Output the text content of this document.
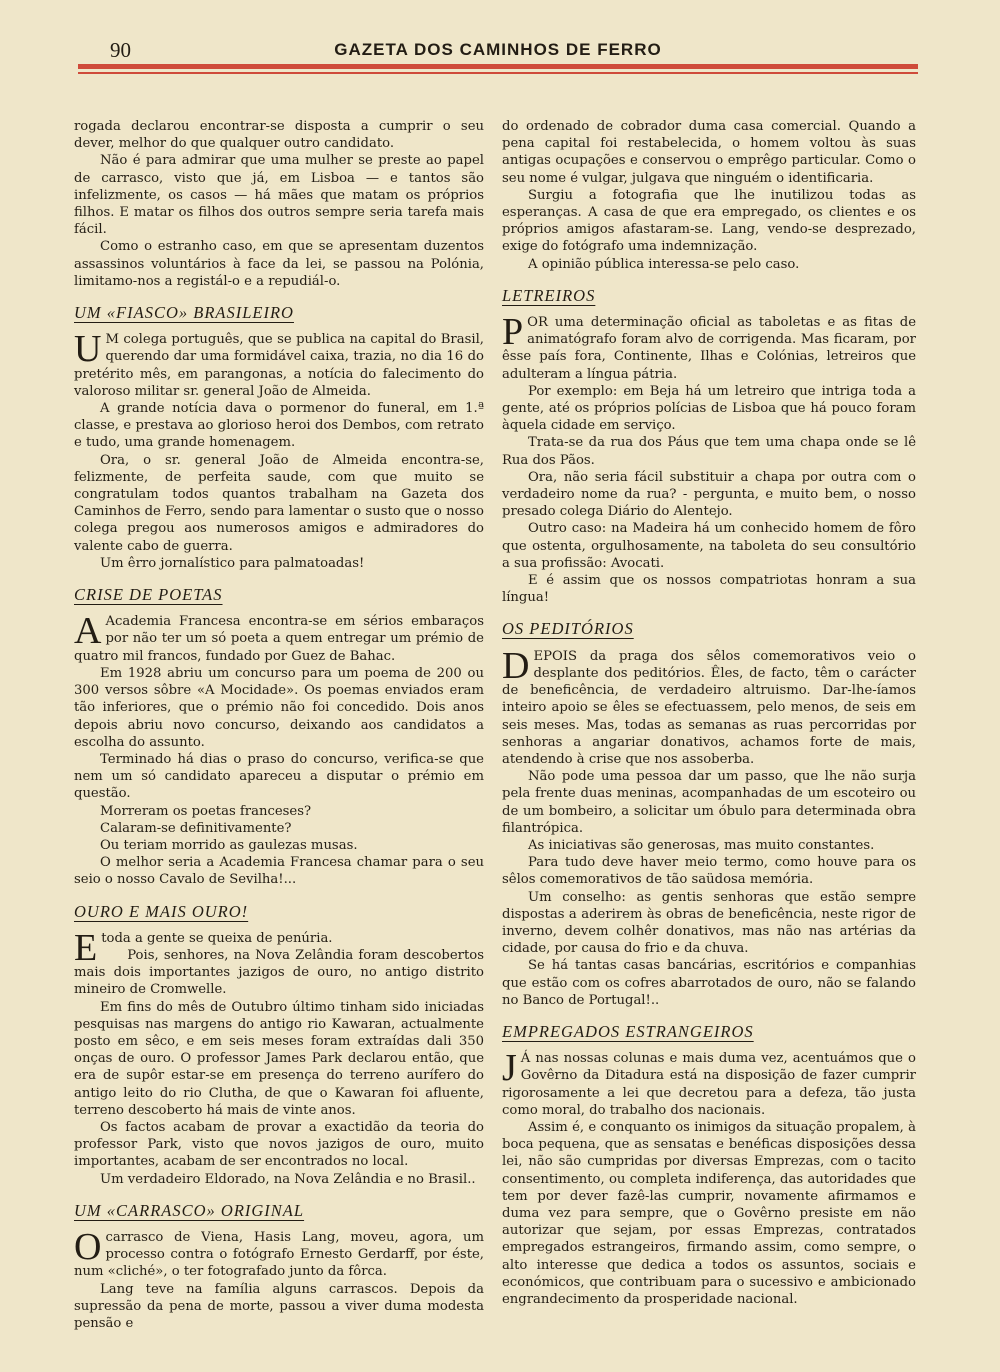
90	GAZETA DOS CAMINHOS DE FERRO

rogada declarou encontrar-se disposta a cumprir o seu dever, melhor do que qualquer outro candidato.

Não é para admirar que uma mulher se preste ao papel de carrasco, visto que já, em Lisboa — e tantos são infelizmente, os casos — há mães que matam os próprios filhos. E matar os filhos dos outros sempre seria tarefa mais fácil.

Como o estranho caso, em que se apresentam duzentos assassinos voluntários à face da lei, se passou na Polónia, limitamo-nos a registál-o e a repudiál-o.

UM «FIASCO» BRASILEIRO

UM colega português, que se publica na capital do Brasil, querendo dar uma formidável caixa, trazia, no dia 16 do pretérito mês, em parangonas, a notícia do falecimento do valoroso militar sr. general João de Almeida.

A grande notícia dava o pormenor do funeral, em 1.ª classe, e prestava ao glorioso heroi dos Dembos, com retrato e tudo, uma grande homenagem.

Ora, o sr. general João de Almeida encontra-se, felizmente, de perfeita saude, com que muito se congratulam todos quantos trabalham na Gazeta dos Caminhos de Ferro, sendo para lamentar o susto que o nosso colega pregou aos numerosos amigos e admiradores do valente cabo de guerra.

Um êrro jornalístico para palmatoadas!

CRISE DE POETAS

AAcademia Francesa encontra-se em sérios embaraços por não ter um só poeta a quem entregar um prémio de quatro mil francos, fundado por Guez de Bahac.

Em 1928 abriu um concurso para um poema de 200 ou 300 versos sôbre «A Mocidade». Os poemas enviados eram tão inferiores, que o prémio não foi concedido. Dois anos depois abriu novo concurso, deixando aos candidatos a escolha do assunto.

Terminado há dias o praso do concurso, verifica-se que nem um só candidato apareceu a disputar o prémio em questão.

Morreram os poetas franceses?

Calaram-se definitivamente?

Ou teriam morrido as gaulezas musas.

O melhor seria a Academia Francesa chamar para o seu seio o nosso Cavalo de Sevilha!...

OURO E MAIS OURO!

Etoda a gente se queixa de penúria.

Pois, senhores, na Nova Zelândia foram descobertos mais dois importantes jazigos de ouro, no antigo distrito mineiro de Cromwelle.

Em fins do mês de Outubro último tinham sido iniciadas pesquisas nas margens do antigo rio Kawaran, actualmente posto em sêco, e em seis meses foram extraídas dali 350 onças de ouro. O professor James Park declarou então, que era de supôr estar-se em presença do terreno aurífero do antigo leito do rio Clutha, de que o Kawaran foi afluente, terreno descoberto há mais de vinte anos.

Os factos acabam de provar a exactidão da teoria do professor Park, visto que novos jazigos de ouro, muito importantes, acabam de ser encontrados no local.

Um verdadeiro Eldorado, na Nova Zelândia e no Brasil..

UM «CARRASCO» ORIGINAL

Ocarrasco de Viena, Hasis Lang, moveu, agora, um processo contra o fotógrafo Ernesto Gerdarff, por éste, num «cliché», o ter fotografado junto da fôrca.

Lang teve na família alguns carrascos. Depois da supressão da pena de morte, passou a viver duma modesta pensão e

do ordenado de cobrador duma casa comercial. Quando a pena capital foi restabelecida, o homem voltou às suas antigas ocupações e conservou o emprêgo particular. Como o seu nome é vulgar, julgava que ninguém o identificaria.

Surgiu a fotografia que lhe inutilizou todas as esperanças. A casa de que era empregado, os clientes e os próprios amigos afastaram-se. Lang, vendo-se desprezado, exige do fotógrafo uma indemnização.

A opinião pública interessa-se pelo caso.

LETREIROS

POR uma determinação oficial as taboletas e as fitas de animatógrafo foram alvo de corrigenda. Mas ficaram, por êsse país fora, Continente, Ilhas e Colónias, letreiros que adulteram a língua pátria.

Por exemplo: em Beja há um letreiro que intriga toda a gente, até os próprios polícias de Lisboa que há pouco foram àquela cidade em serviço.

Trata-se da rua dos Páus que tem uma chapa onde se lê Rua dos Pãos.

Ora, não seria fácil substituir a chapa por outra com o verdadeiro nome da rua? - pergunta, e muito bem, o nosso presado colega Diário do Alentejo.

Outro caso: na Madeira há um conhecido homem de fôro que ostenta, orgulhosamente, na taboleta do seu consultório a sua profissão: Avocati.

E é assim que os nossos compatriotas honram a sua língua!

OS PEDITÓRIOS

DEPOIS da praga dos sêlos comemorativos veio o desplante dos peditórios. Êles, de facto, têm o carácter de beneficência, de verdadeiro altruismo. Dar-lhe-íamos inteiro apoio se êles se efectuassem, pelo menos, de seis em seis meses. Mas, todas as semanas as ruas percorridas por senhoras a angariar donativos, achamos forte de mais, atendendo à crise que nos assoberba.

Não pode uma pessoa dar um passo, que lhe não surja pela frente duas meninas, acompanhadas de um escoteiro ou de um bombeiro, a solicitar um óbulo para determinada obra filantrópica.

As iniciativas são generosas, mas muito constantes.

Para tudo deve haver meio termo, como houve para os sêlos comemorativos de tão saüdosa memória.

Um conselho: as gentis senhoras que estão sempre dispostas a aderirem às obras de beneficência, neste rigor de inverno, devem colhêr donativos, mas não nas artérias da cidade, por causa do frio e da chuva.

Se há tantas casas bancárias, escritórios e companhias que estão com os cofres abarrotados de ouro, não se falando no Banco de Portugal!..

EMPREGADOS ESTRANGEIROS

JÁ nas nossas colunas e mais duma vez, acentuámos que o Govêrno da Ditadura está na disposição de fazer cumprir rigorosamente a lei que decretou para a defeza, tão justa como moral, do trabalho dos nacionais.

Assim é, e conquanto os inimigos da situação propalem, à boca pequena, que as sensatas e benéficas disposições dessa lei, não são cumpridas por diversas Emprezas, com o tacito consentimento, ou completa indiferença, das autoridades que tem por dever fazê-las cumprir, novamente afirmamos e duma vez para sempre, que o Govêrno presiste em não autorizar que sejam, por essas Emprezas, contratados empregados estrangeiros, firmando assim, como sempre, o alto interesse que dedica a todos os assuntos, sociais e económicos, que contribuam para o sucessivo e ambicionado engrandecimento da prosperidade nacional.
